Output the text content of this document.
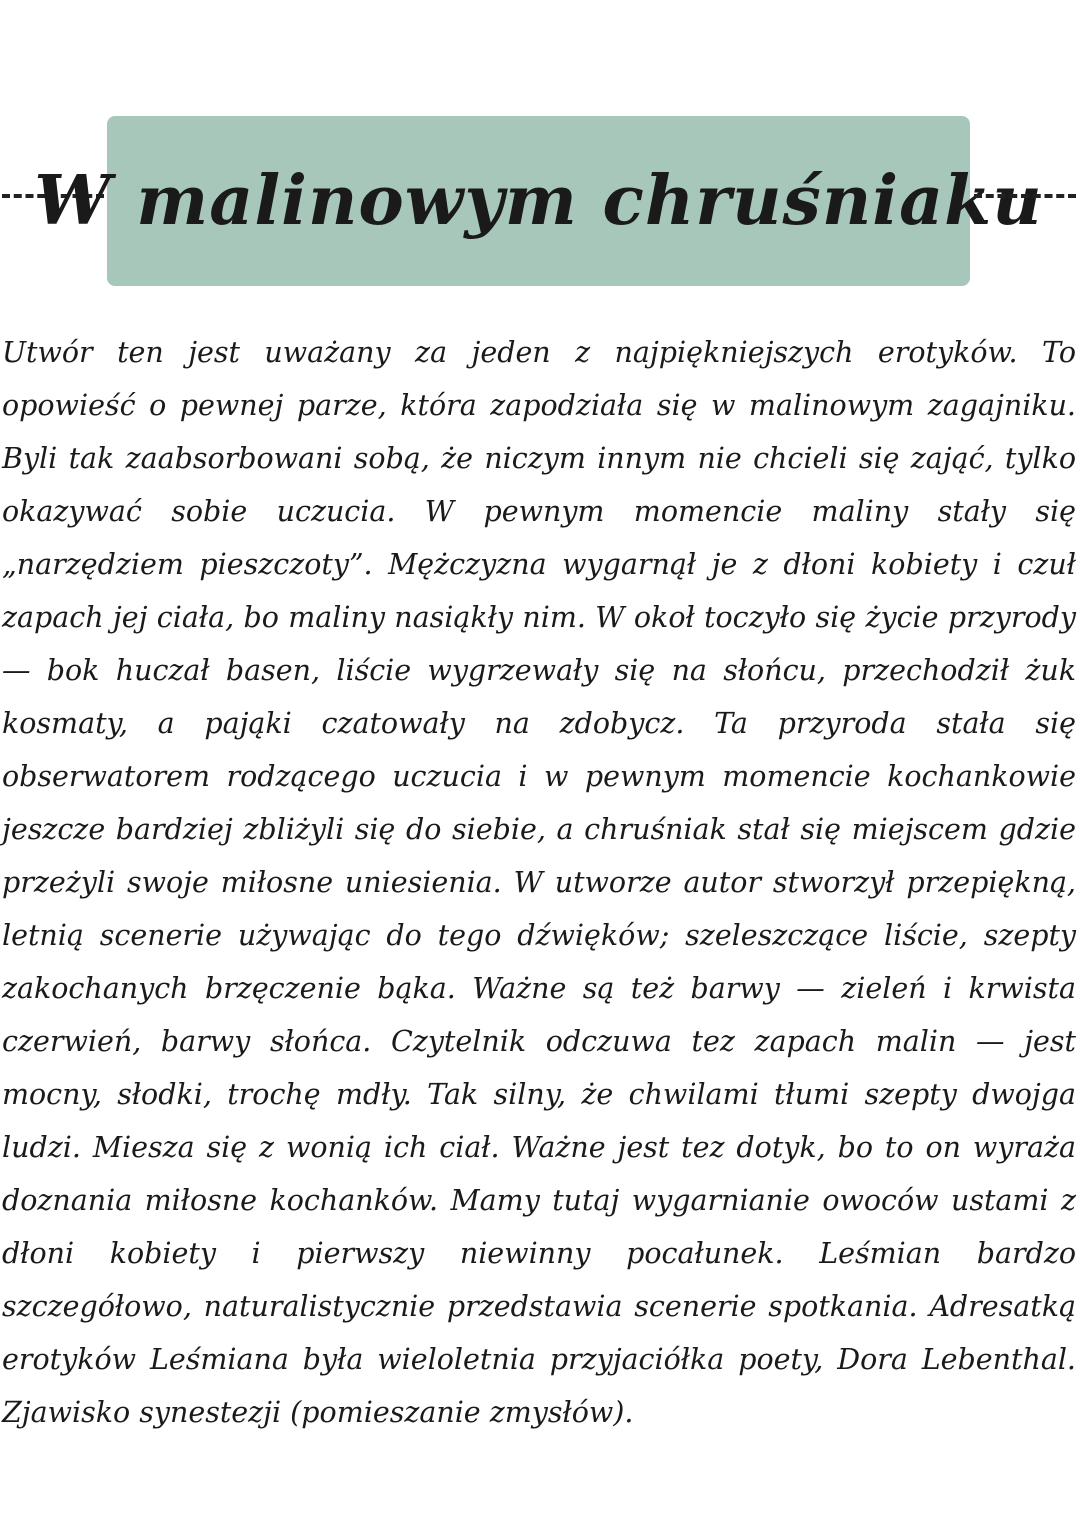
W malinowym chruśniaku

Utwór ten jest uważany za jeden z najpiękniejszych erotyków. To opowieść o pewnej parze, która zapodziała się w malinowym zagajniku. Byli tak zaabsorbowani sobą, że niczym innym nie chcieli się zająć, tylko okazywać sobie uczucia. W pewnym momencie maliny stały się „narzędziem pieszczoty”. Mężczyzna wygarnął je z dłoni kobiety i czuł zapach jej ciała, bo maliny nasiąkły nim. W okoł toczyło się życie przyrody — bok huczał basen, liście wygrzewały się na słońcu, przechodził żuk kosmaty, a pająki czatowały na zdobycz. Ta przyroda stała się obserwatorem rodzącego uczucia i w pewnym momencie kochankowie jeszcze bardziej zbliżyli się do siebie, a chruśniak stał się miejscem gdzie przeżyli swoje miłosne uniesienia. W utworze autor stworzył przepiękną, letnią scenerie używając do tego dźwięków; szeleszczące liście, szepty zakochanych brzęczenie bąka. Ważne są też barwy — zieleń i krwista czerwień, barwy słońca. Czytelnik odczuwa tez zapach malin — jest mocny, słodki, trochę mdły. Tak silny, że chwilami tłumi szepty dwojga ludzi. Miesza się z wonią ich ciał. Ważne jest tez dotyk, bo to on wyraża doznania miłosne kochanków. Mamy tutaj wygarnianie owoców ustami z dłoni kobiety i pierwszy niewinny pocałunek. Leśmian bardzo szczegółowo, naturalistycznie przedstawia scenerie spotkania. Adresatką erotyków Leśmiana była wieloletnia przyjaciółka poety, Dora Lebenthal. Zjawisko synestezji (pomieszanie zmysłów).
